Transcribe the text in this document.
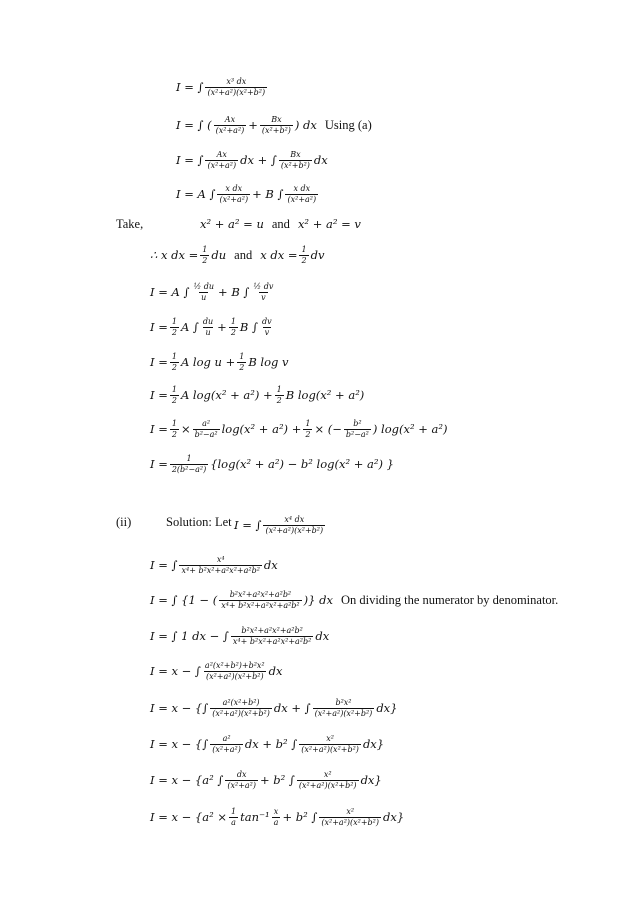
I = ∫ $\frac{\text{x³ dx}}{\text{(x²+a²)(x²+b²)}}$
I = ∫ ( $\frac{Ax}{\text{(x²+a²)}} + \frac{Bx}{\text{(x²+b²)}}$ ) dx Using (a)
I = ∫ $\frac{Ax}{\text{(x²+a²)}}$ dx + ∫ $\frac{Bx}{\text{(x²+b²)}}$ dx
I = A ∫ $\frac{\text{x dx}}{\text{(x²+a²)}} + B$ ∫ $\frac{\text{x dx}}{\text{(x²+a²)}}$
Take,	x² + a² = u and x² + a² = v
∴ x dx = $\frac{1}{2}$ du and x dx = $\frac{1}{2}$ dv
I = A ∫ $\frac{\text{½ du}}{u} + B$ ∫ $\frac{\text{½ dv}}{v}$
$I = \frac{1}{2}$ A ∫ $\frac{du}{u} + \frac{1}{2}$ B ∫ $\frac{dv}{v}$
$I = \frac{1}{2}$ A $\log u + \frac{1}{2}$ B log v
$I = \frac{1}{2}$ A $\log(x^2 + a^2) + \frac{1}{2}$ B log(x² + a²)
$I = \frac{1}{2} \times \frac{\text{a²}}{\text{b²−a²}} \log(x^2 + a^2) + \frac{1}{2}$ × (− $\frac{\text{b²}}{\text{b²−a²}}$ ) log(x² + a²)
$I = \frac{1}{\text{2(b²−a²)}} \{\log(x^2 + a^2) - b^2$ log(x² + a²) }
(ii)	Solution: Let I = ∫ $\frac{\text{x⁴ dx}}{\text{(x²+a²)(x²+b²)}}$
I = ∫ $\frac{\text{x⁴}}{\text{x⁴+ b²x²+a²x²+a²b²}}$ dx
I = ∫ {1 − ( $\frac{\text{b²x²+a²x²+a²b²}}{\text{x⁴+ b²x²+a²x²+a²b²}}$ )} dx On dividing the numerator by denominator.
I = ∫ 1 dx − ∫ $\frac{\text{b²x²+a²x²+a²b²}}{\text{x⁴+ b²x²+a²x²+a²b²}}$ dx
I = x − ∫ $\frac{\text{a²(x²+b²)+b²x²}}{\text{(x²+a²)(x²+b²)}}$ dx
I = x − {∫ $\frac{\text{a²(x²+b²)}}{\text{(x²+a²)(x²+b²)}}$ dx + ∫ $\frac{\text{b²x²}}{\text{(x²+a²)(x²+b²)}} dx$}
I = x − {∫ $\frac{\text{a²}}{\text{(x²+a²)}}$ dx + b² ∫ $\frac{\text{x²}}{\text{(x²+a²)(x²+b²)}} dx$}
I = x − {a² ∫ $\frac{dx}{\text{(x²+a²)}} + b^2$ ∫ $\frac{\text{x²}}{\text{(x²+a²)(x²+b²)}} dx$}
$I = x - \{a^2 \times \frac{1}{a} \tan^{-1} \frac{x}{a} + b^2$ ∫ $\frac{\text{x²}}{\text{(x²+a²)(x²+b²)}} dx$}
